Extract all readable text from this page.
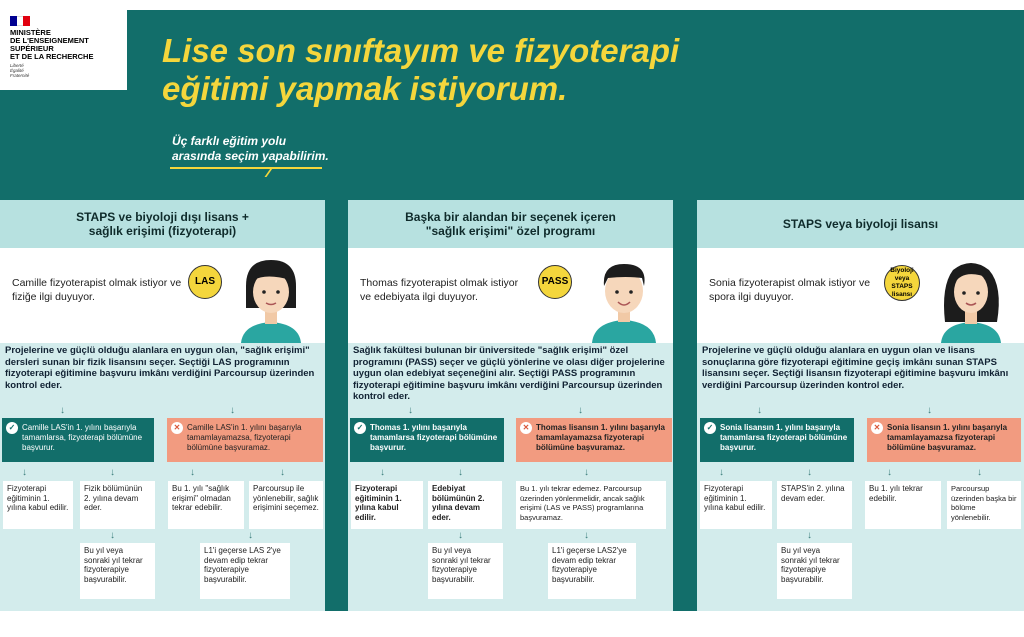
MINISTÈRE
DE L'ENSEIGNEMENT
SUPÉRIEUR
ET DE LA RECHERCHE
Liberté
Égalité
Fraternité
Lise son sınıftayım ve fizyoterapi
eğitimi yapmak istiyorum.
Üç farklı eğitim yolu
arasında seçim yapabilirim.
STAPS ve biyoloji dışı lisans +
sağlık erişimi (fizyoterapi)
Camille fizyoterapist olmak istiyor ve fiziğe ilgi duyuyor.
LAS
Projelerine ve güçlü olduğu alanlara en uygun olan, "sağlık erişimi" dersleri sunan bir fizik lisansını seçer. Seçtiği LAS programının fizyoterapi eğitimine başvuru imkânı verdiğini Parcoursup üzerinden kontrol eder.
↓	↓
✓ Camille LAS'in 1. yılını başarıyla tamamlarsa, fizyoterapi bölümüne başvurur.
✕ Camille LAS'in 1. yılını başarıyla tamamlayamazsa, fizyoterapi bölümüne başvuramaz.
↓	↓	↓	↓
Fizyoterapi eğitiminin 1. yılına kabul edilir.
Fizik bölümünün 2. yılına devam eder.
Bu 1. yılı "sağlık erişimi" olmadan tekrar edebilir.
Parcoursup ile yönlenebilir, sağlık erişimini seçemez.
↓	↓
Bu yıl veya sonraki yıl tekrar fizyoterapiye başvurabilir.
L1'i geçerse LAS 2'ye devam edip tekrar fizyoterapiye başvurabilir.
Başka bir alandan bir seçenek içeren
"sağlık erişimi" özel programı
Thomas fizyoterapist olmak istiyor ve edebiyata ilgi duyuyor.
PASS
Sağlık fakültesi bulunan bir üniversitede "sağlık erişimi" özel programını (PASS) seçer ve güçlü yönlerine ve olası diğer projelerine uygun olan edebiyat seçeneğini alır. Seçtiği PASS programının fizyoterapi eğitimine başvuru imkânı verdiğini Parcoursup üzerinden kontrol eder.
↓	↓
✓ Thomas 1. yılını başarıyla tamamlarsa fizyoterapi bölümüne başvurur.
✕ Thomas lisansın 1. yılını başarıyla tamamlayamazsa fizyoterapi bölümüne başvuramaz.
↓	↓	↓
Fizyoterapi eğitiminin 1. yılına kabul edilir.
Edebiyat bölümünün 2. yılına devam eder.
Bu 1. yılı tekrar edemez. Parcoursup üzerinden yönlenmelidir, ancak sağlık erişimi (LAS ve PASS) programlarına başvuramaz.
↓	↓
Bu yıl veya sonraki yıl tekrar fizyoterapiye başvurabilir.
L1'i geçerse LAS2'ye devam edip tekrar fizyoterapiye başvurabilir.
STAPS veya biyoloji lisansı
Sonia fizyoterapist olmak istiyor ve spora ilgi duyuyor.
Biyoloji veya STAPS lisansı
Projelerine ve güçlü olduğu alanlara en uygun olan ve lisans sonuçlarına göre fizyoterapi eğitimine geçiş imkânı sunan STAPS lisansını seçer. Seçtiği lisansın fizyoterapi eğitimine başvuru imkânı verdiğini Parcoursup üzerinden kontrol eder.
↓	↓
✓ Sonia lisansın 1. yılını başarıyla tamamlarsa fizyoterapi bölümüne başvurur.
✕ Sonia lisansın 1. yılını başarıyla tamamlayamazsa fizyoterapi bölümüne başvuramaz.
↓	↓	↓	↓
Fizyoterapi eğitiminin 1. yılına kabul edilir.
STAPS'in 2. yılına devam eder.
Bu 1. yılı tekrar edebilir.
Parcoursup üzerinden başka bir bölüme yönlenebilir.
↓
Bu yıl veya sonraki yıl tekrar fizyoterapiye başvurabilir.
